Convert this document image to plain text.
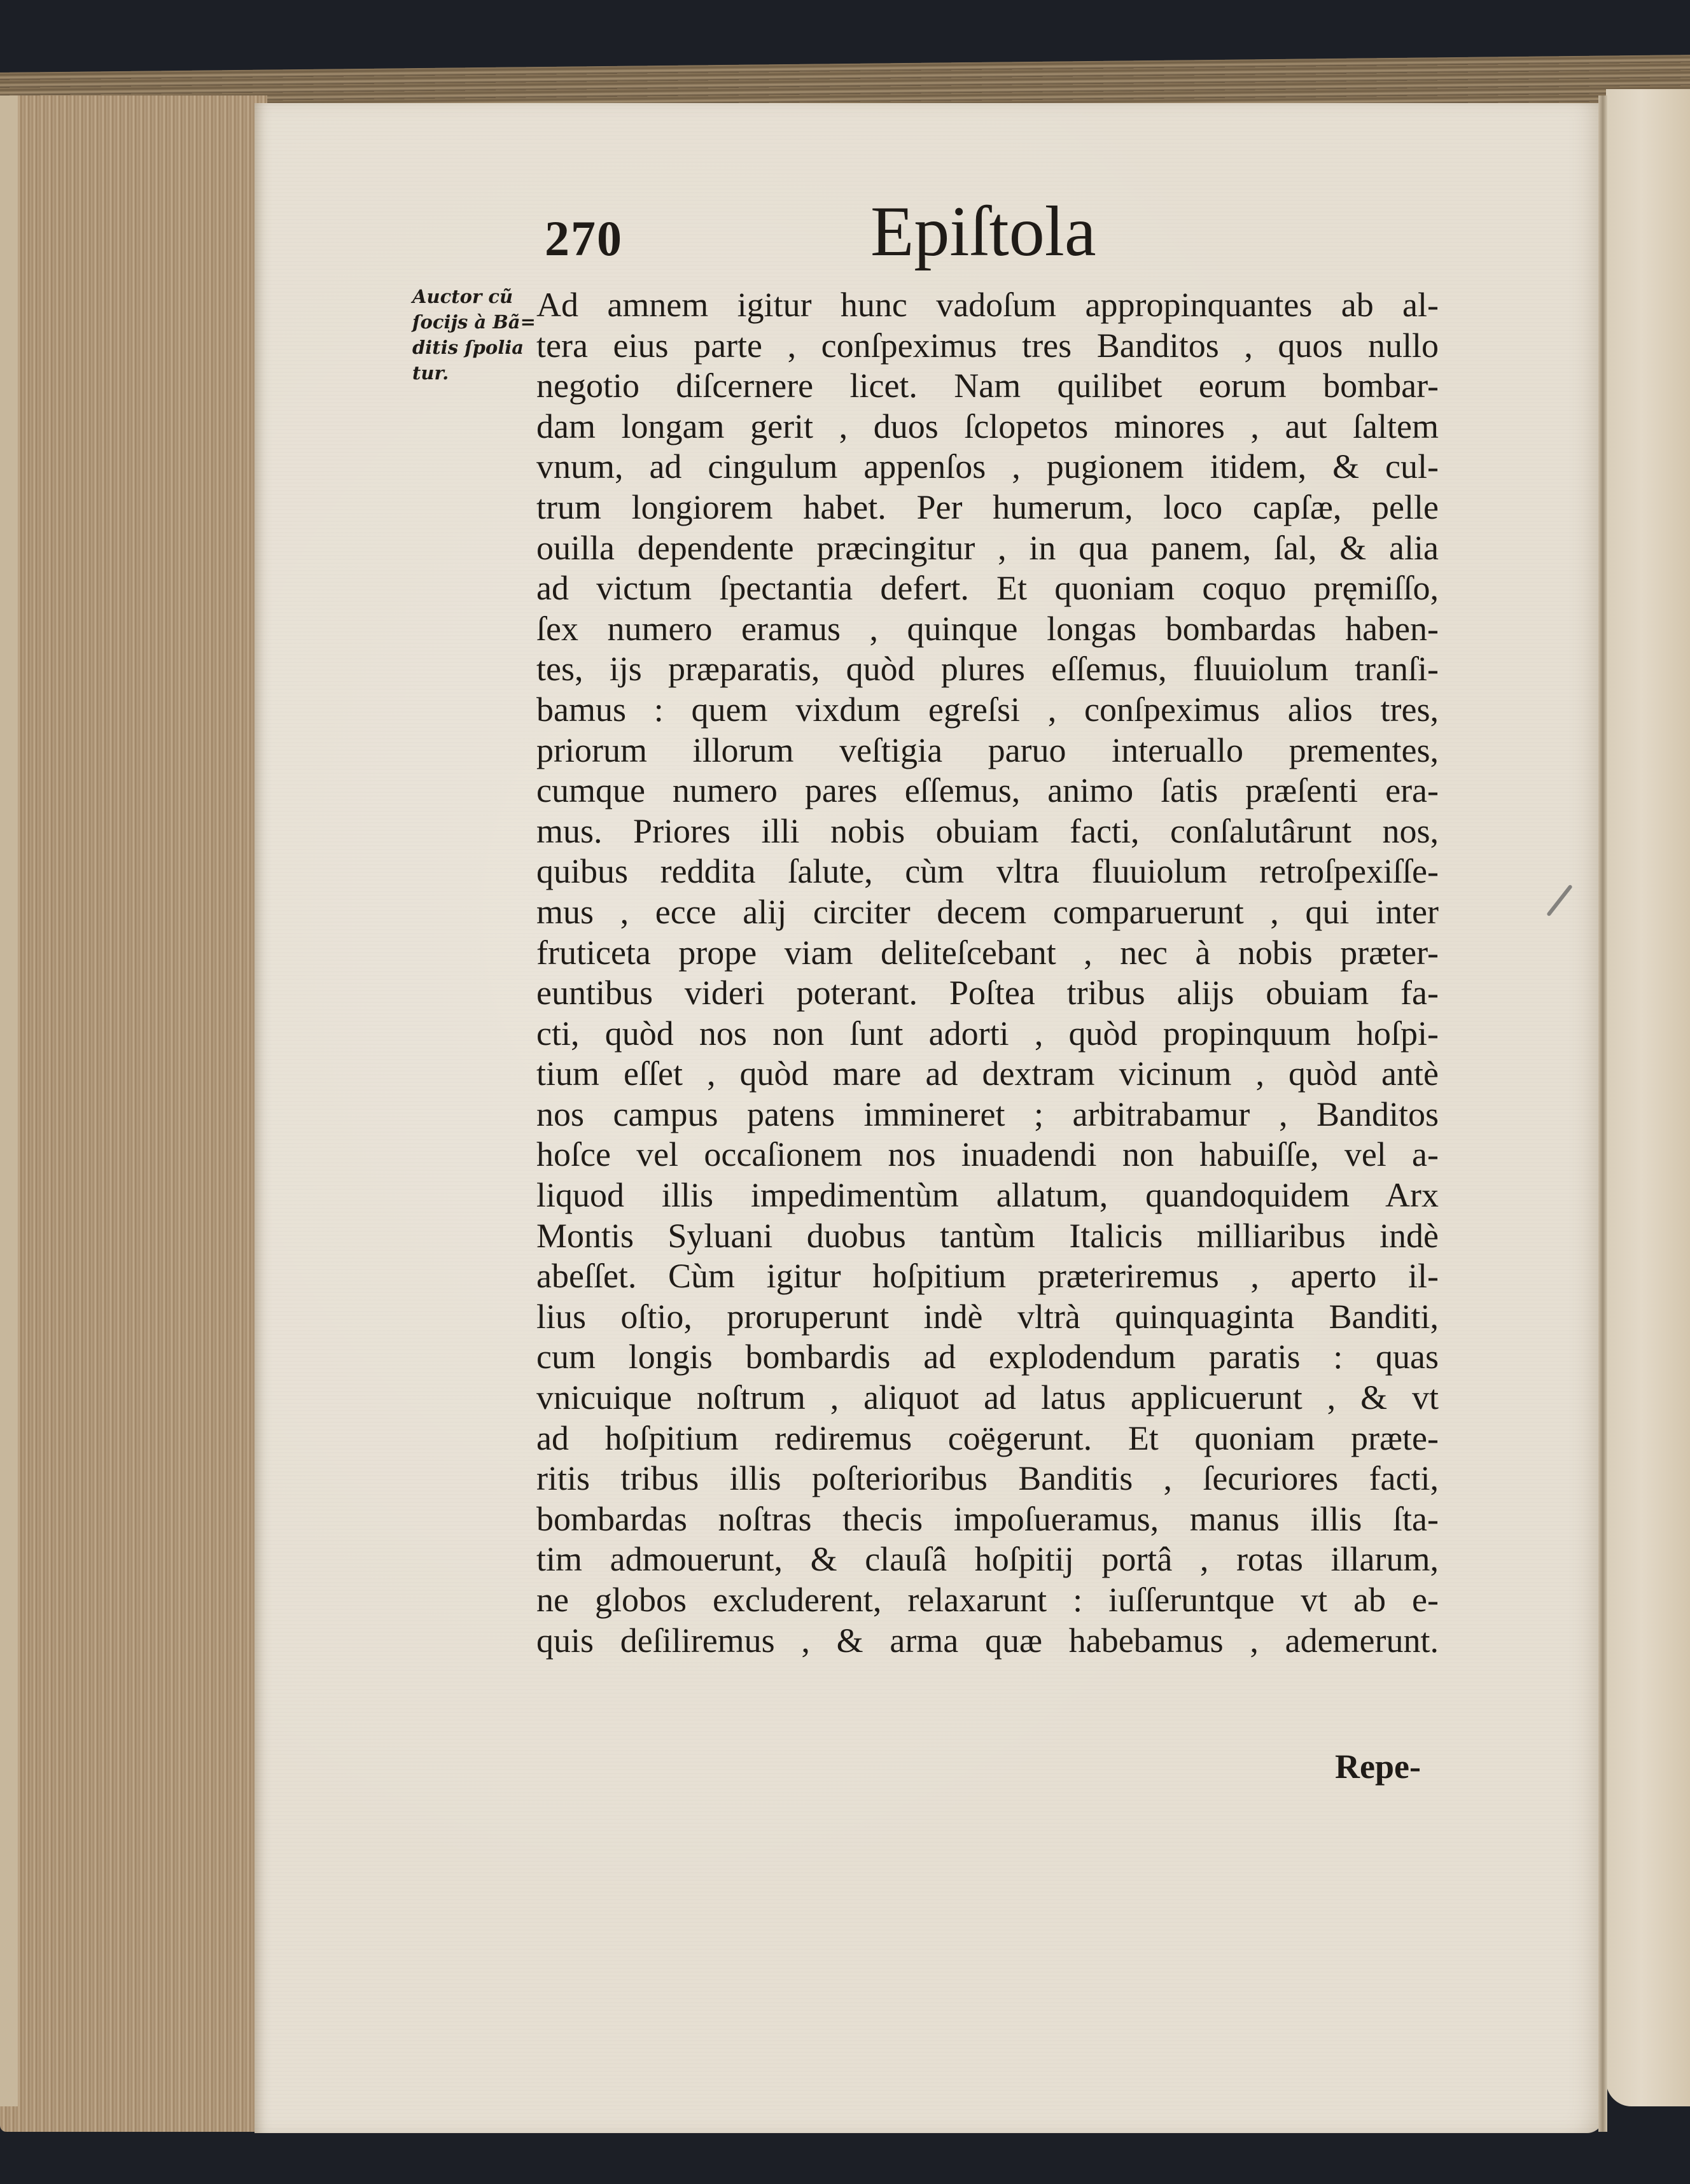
270	Epiſtola
Auctor cũ
ſocijs à Bã=
ditis ſpolia
tur.
Ad amnem igitur hunc vadoſum appropinquantes ab al-
tera eius parte , conſpeximus tres Banditos , quos nullo
negotio diſcernere licet. Nam quilibet eorum bombar-
dam longam gerit , duos ſclopetos minores , aut ſaltem
vnum, ad cingulum appenſos , pugionem itidem, & cul-
trum longiorem habet. Per humerum, loco capſæ, pelle
ouilla dependente præcingitur , in qua panem, ſal, & alia
ad victum ſpectantia defert. Et quoniam coquo pręmiſſo,
ſex numero eramus , quinque longas bombardas haben-
tes, ijs præparatis, quòd plures eſſemus, fluuiolum tranſi-
bamus : quem vixdum egreſsi , conſpeximus alios tres,
priorum illorum veſtigia paruo interuallo prementes,
cumque numero pares eſſemus, animo ſatis præſenti era-
mus. Priores illi nobis obuiam facti, conſalutârunt nos,
quibus reddita ſalute, cùm vltra fluuiolum retroſpexiſſe-
mus , ecce alij circiter decem comparuerunt , qui inter
fruticeta prope viam deliteſcebant , nec à nobis præter-
euntibus videri poterant. Poſtea tribus alijs obuiam fa-
cti, quòd nos non ſunt adorti , quòd propinquum hoſpi-
tium eſſet , quòd mare ad dextram vicinum , quòd antè
nos campus patens immineret ; arbitrabamur , Banditos
hoſce vel occaſionem nos inuadendi non habuiſſe, vel a-
liquod illis impedimentùm allatum, quandoquidem Arx
Montis Syluani duobus tantùm Italicis milliaribus indè
abeſſet. Cùm igitur hoſpitium præteriremus , aperto il-
lius oſtio, proruperunt indè vltrà quinquaginta Banditi,
cum longis bombardis ad explodendum paratis : quas
vnicuique noſtrum , aliquot ad latus applicuerunt , & vt
ad hoſpitium rediremus coëgerunt. Et quoniam præte-
ritis tribus illis poſterioribus Banditis , ſecuriores facti,
bombardas noſtras thecis impoſueramus, manus illis ſta-
tim admouerunt, & clauſâ hoſpitij portâ , rotas illarum,
ne globos excluderent, relaxarunt : iuſſeruntque vt ab e-
quis deſiliremus , & arma quæ habebamus , ademerunt.
Repe-
